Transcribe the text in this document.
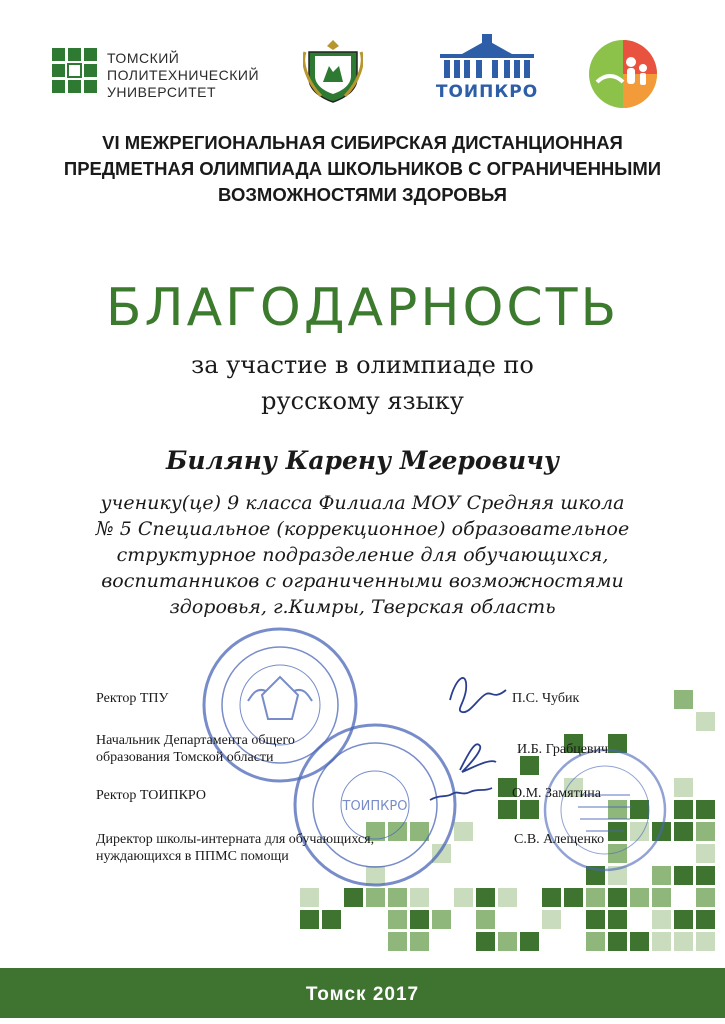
ТОМСКИЙ
ПОЛИТЕХНИЧЕСКИЙ
УНИВЕРСИТЕТ	ТОИПКРО
VI МЕЖРЕГИОНАЛЬНАЯ СИБИРСКАЯ ДИСТАНЦИОННАЯ
ПРЕДМЕТНАЯ ОЛИМПИАДА ШКОЛЬНИКОВ С ОГРАНИЧЕННЫМИ
ВОЗМОЖНОСТЯМИ ЗДОРОВЬЯ
БЛАГОДАРНОСТЬ
за участие в олимпиаде по
русскому языку
Биляну Карену Мгеровичу
ученику(це) 9 класса Филиала МОУ Средняя школа
№ 5 Специальное (коррекционное) образовательное
структурное подразделение для обучающихся,
воспитанников с ограниченными возможностями
здоровья, г.Кимры, Тверская область
ТОИПКРО
Ректор ТПУ	П.С. Чубик
Начальник Департамента общего
образования Томской области
И.Б. Грабцевич
Ректор ТОИПКРО	О.М. Замятина
Директор школы-интерната для обучающихся,
нуждающихся в ППМС помощи
С.В. Алещенко
Томск 2017
